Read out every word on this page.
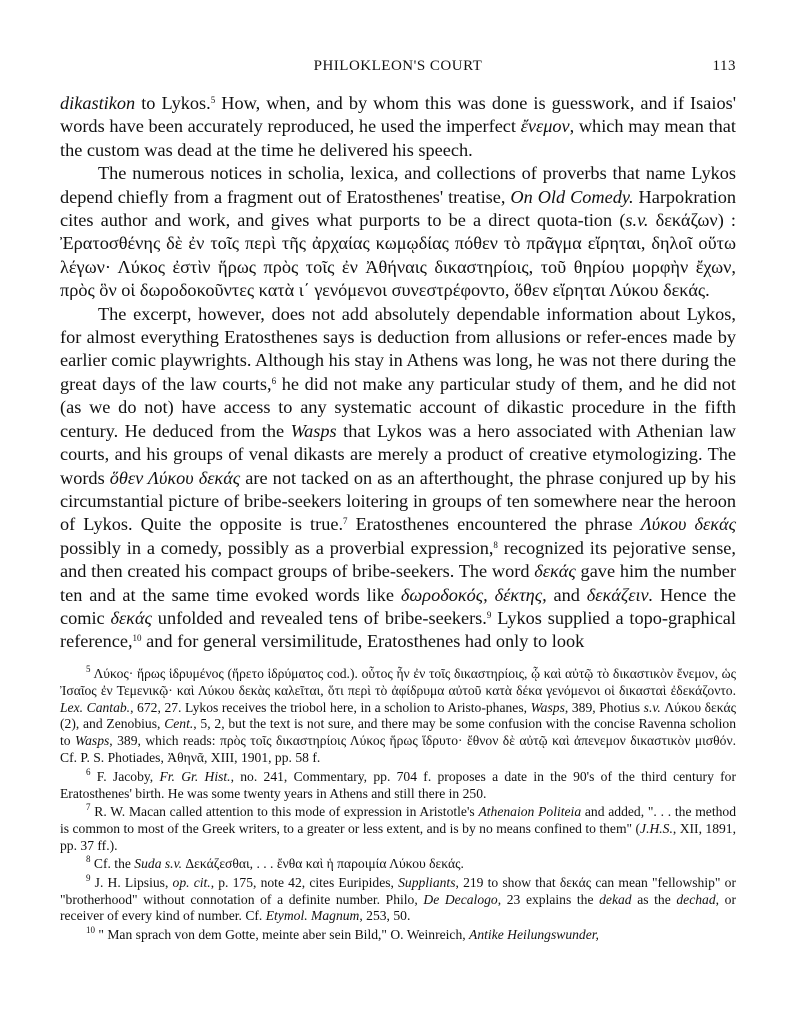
PHILOKLEON'S COURT	113

dikastikon to Lykos.$^5$ How, when, and by whom this was done is guesswork, and if Isaios' words have been accurately reproduced, he used the imperfect ἔνεμον, which may mean that the custom was dead at the time he delivered his speech.

The numerous notices in scholia, lexica, and collections of proverbs that name Lykos depend chiefly from a fragment out of Eratosthenes' treatise, On Old Comedy. Harpokration cites author and work, and gives what purports to be a direct quota-tion (s.v. δεκάζων) : Ἐρατοσθένης δὲ ἐν τοῖς περὶ τῆς ἀρχαίας κωμῳδίας πόθεν τὸ πρᾶγμα εἴρηται, δηλοῖ οὕτω λέγων· Λύκος ἐστὶν ἥρως πρὸς τοῖς ἐν Ἀθήναις δικαστηρίοις, τοῦ θηρίου μορφὴν ἔχων, πρὸς ὃν οἱ δωροδοκοῦντες κατὰ ι΄ γενόμενοι συνεστρέφοντο, ὅθεν εἴρηται Λύκου δεκάς.

The excerpt, however, does not add absolutely dependable information about Lykos, for almost everything Eratosthenes says is deduction from allusions or refer-ences made by earlier comic playwrights. Although his stay in Athens was long, he was not there during the great days of the law courts,$^6$ he did not make any particular study of them, and he did not (as we do not) have access to any systematic account of dikastic procedure in the fifth century. He deduced from the Wasps that Lykos was a hero associated with Athenian law courts, and his groups of venal dikasts are merely a product of creative etymologizing. The words ὅθεν Λύκου δεκάς are not tacked on as an afterthought, the phrase conjured up by his circumstantial picture of bribe-seekers loitering in groups of ten somewhere near the heroon of Lykos. Quite the opposite is true.$^7$ Eratosthenes encountered the phrase Λύκου δεκάς possibly in a comedy, possibly as a proverbial expression,$^8$ recognized its pejorative sense, and then created his compact groups of bribe-seekers. The word δεκάς gave him the number ten and at the same time evoked words like δωροδοκός, δέκτης, and δεκάζειν. Hence the comic δεκάς unfolded and revealed tens of bribe-seekers.$^9$ Lykos supplied a topo-graphical reference,$^{10}$ and for general versimilitude, Eratosthenes had only to look

$^5$ Λύκος· ἥρως ἱδρυμένος (ἥρετο ἱδρύματος cod.). οὗτος ἦν ἐν τοῖς δικαστηρίοις, ᾧ καὶ αὐτῷ τὸ δικαστικὸν ἔνεμον, ὡς Ἰσαῖος ἐν Τεμενικῷ· καὶ Λύκου δεκὰς καλεῖται, ὅτι περὶ τὸ ἀφίδρυμα αὐτοῦ κατὰ δέκα γενόμενοι οἱ δικασταὶ ἐδεκάζοντο. Lex. Cantab., 672, 27. Lykos receives the triobol here, in a scholion to Aristo-phanes, Wasps, 389, Photius s.v. Λύκου δεκάς (2), and Zenobius, Cent., 5, 2, but the text is not sure, and there may be some confusion with the concise Ravenna scholion to Wasps, 389, which reads: πρὸς τοῖς δικαστηρίοις Λύκος ἥρως ἵδρυτο· ἔθνον δὲ αὐτῷ καὶ ἀπενεμον δικαστικὸν μισθόν. Cf. P. S. Photiades, Ἀθηνᾶ, XIII, 1901, pp. 58 f.

$^6$ F. Jacoby, Fr. Gr. Hist., no. 241, Commentary, pp. 704 f. proposes a date in the 90's of the third century for Eratosthenes' birth. He was some twenty years in Athens and still there in 250.

$^7$ R. W. Macan called attention to this mode of expression in Aristotle's Athenaion Politeia and added, ". . . the method is common to most of the Greek writers, to a greater or less extent, and is by no means confined to them" (J.H.S., XII, 1891, pp. 37 ff.).

$^8$ Cf. the Suda s.v. Δεκάζεσθαι, . . . ἔνθα καὶ ἡ παροιμία Λύκου δεκάς.

$^9$ J. H. Lipsius, op. cit., p. 175, note 42, cites Euripides, Suppliants, 219 to show that δεκάς can mean "fellowship" or "brotherhood" without connotation of a definite number. Philo, De Decalogo, 23 explains the dekad as the dechad, or receiver of every kind of number. Cf. Etymol. Magnum, 253, 50.

$^{10}$ " Man sprach von dem Gotte, meinte aber sein Bild," O. Weinreich, Antike Heilungswunder,
